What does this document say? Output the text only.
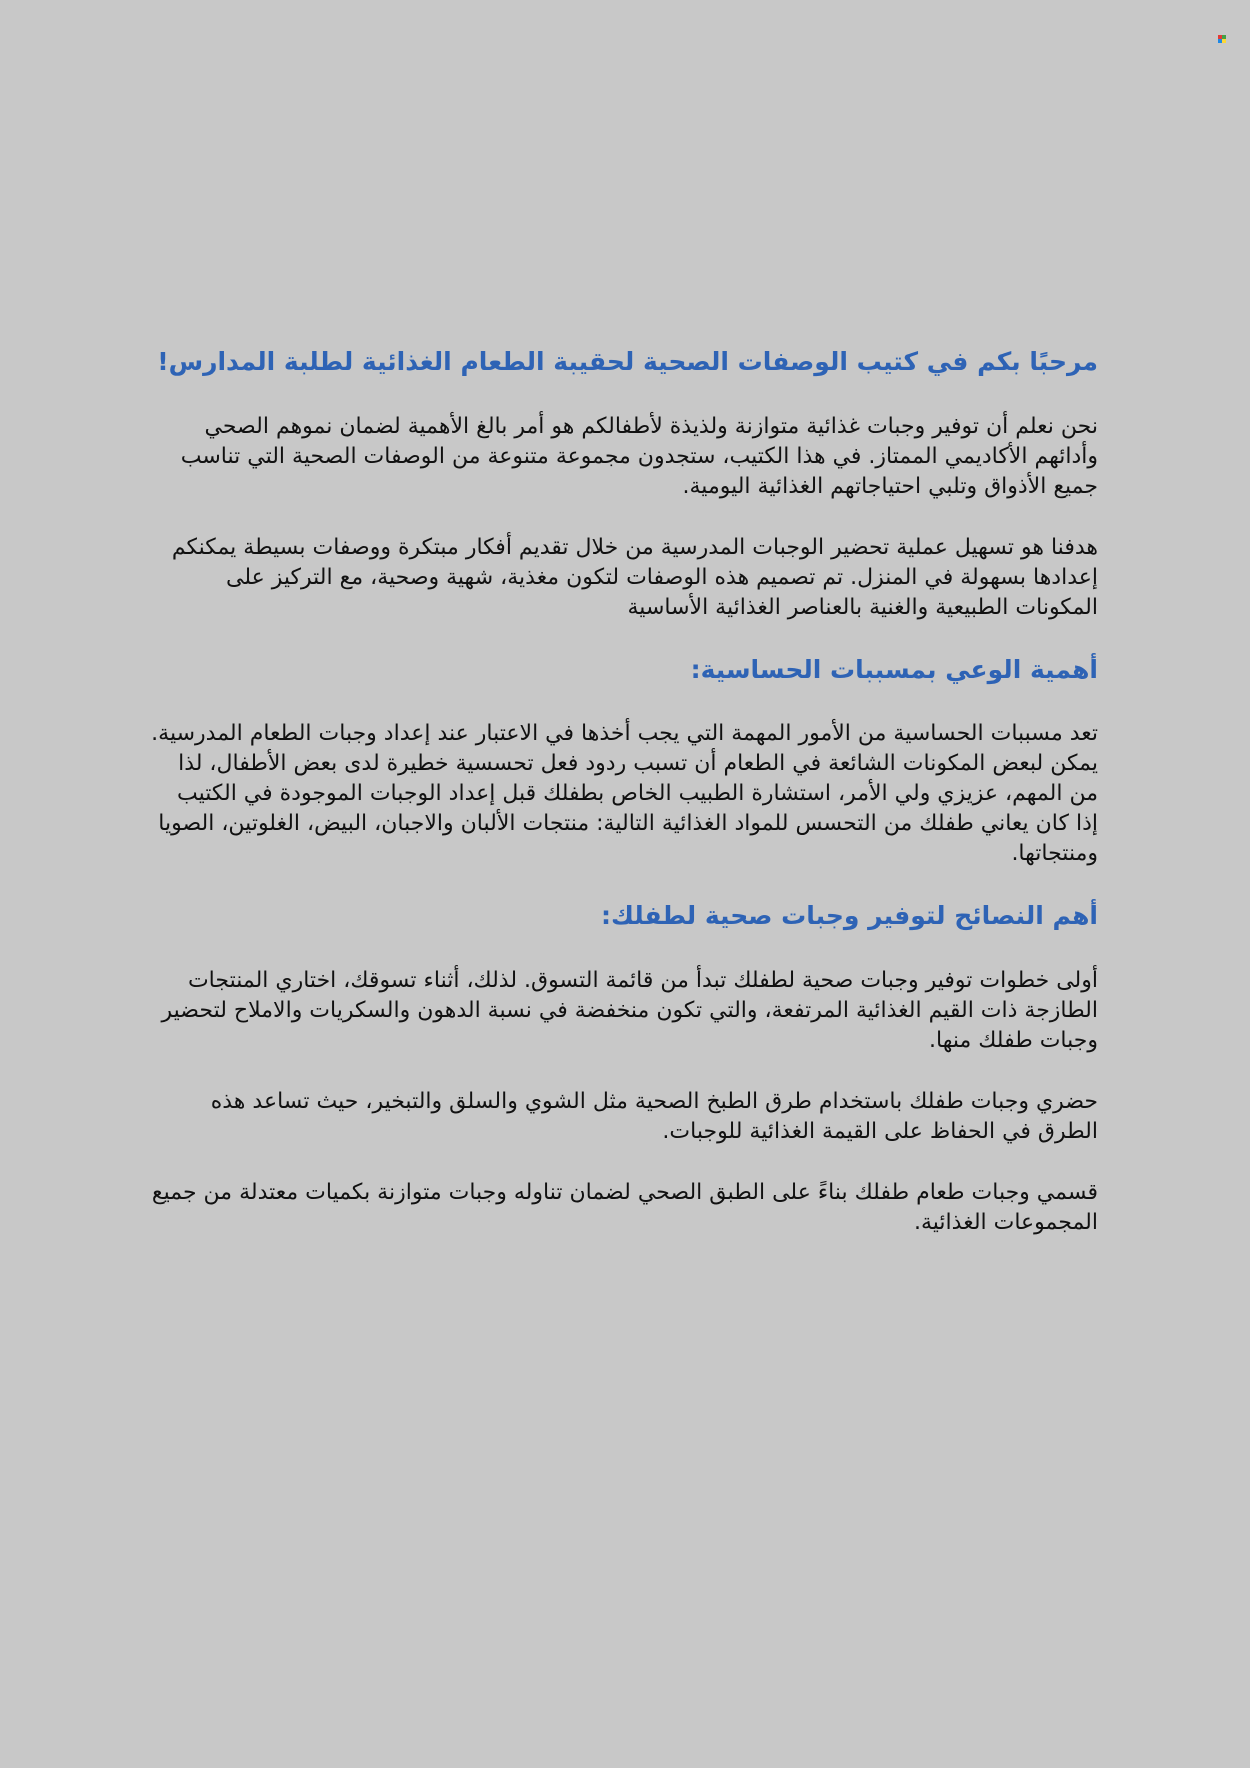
مرحبًا بكم في كتيب الوصفات الصحية لحقيبة الطعام الغذائية لطلبة المدارس!

نحن نعلم أن توفير وجبات غذائية متوازنة ولذيذة لأطفالكم هو أمر بالغ الأهمية لضمان نموهم الصحي وأدائهم الأكاديمي الممتاز. في هذا الكتيب، ستجدون مجموعة متنوعة من الوصفات الصحية التي تناسب جميع الأذواق وتلبي احتياجاتهم الغذائية اليومية.

هدفنا هو تسهيل عملية تحضير الوجبات المدرسية من خلال تقديم أفكار مبتكرة ووصفات بسيطة يمكنكم إعدادها بسهولة في المنزل. تم تصميم هذه الوصفات لتكون مغذية، شهية وصحية، مع التركيز على المكونات الطبيعية والغنية بالعناصر الغذائية الأساسية

أهمية الوعي بمسببات الحساسية:

تعد مسببات الحساسية من الأمور المهمة التي يجب أخذها في الاعتبار عند إعداد وجبات الطعام المدرسية. يمكن لبعض المكونات الشائعة في الطعام أن تسبب ردود فعل تحسسية خطيرة لدى بعض الأطفال، لذا من المهم، عزيزي ولي الأمر، استشارة الطبيب الخاص بطفلك قبل إعداد الوجبات الموجودة في الكتيب إذا كان يعاني طفلك من التحسس للمواد الغذائية التالية: منتجات الألبان والاجبان، البيض، الغلوتين، الصويا ومنتجاتها.

أهم النصائح لتوفير وجبات صحية لطفلك:

أولى خطوات توفير وجبات صحية لطفلك تبدأ من قائمة التسوق. لذلك، أثناء تسوقك، اختاري المنتجات الطازجة ذات القيم الغذائية المرتفعة، والتي تكون منخفضة في نسبة الدهون والسكريات والاملاح لتحضير وجبات طفلك منها.

حضري وجبات طفلك باستخدام طرق الطبخ الصحية مثل الشوي والسلق والتبخير، حيث تساعد هذه الطرق في الحفاظ على القيمة الغذائية للوجبات.

قسمي وجبات طعام طفلك بناءً على الطبق الصحي لضمان تناوله وجبات متوازنة بكميات معتدلة من جميع المجموعات الغذائية.
